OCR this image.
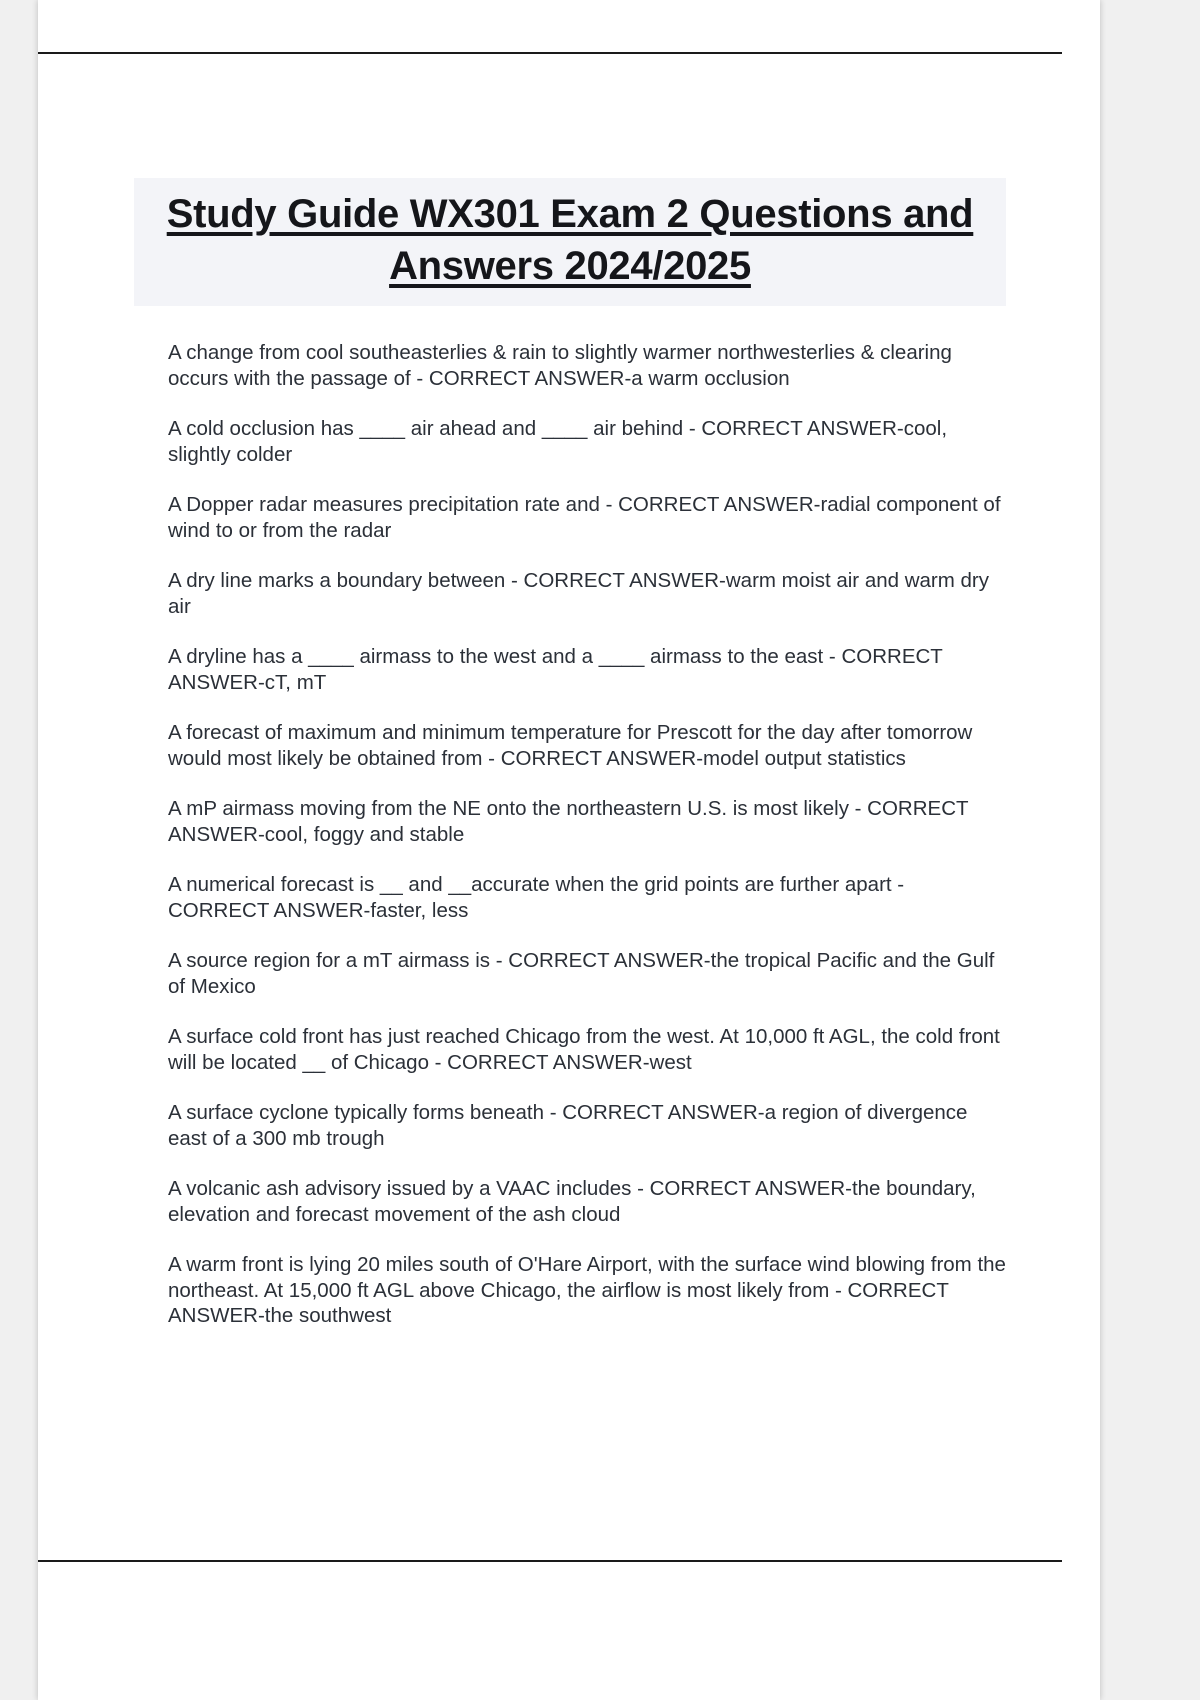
Study Guide WX301 Exam 2 Questions and Answers 2024/2025
A change from cool southeasterlies & rain to slightly warmer northwesterlies & clearing occurs with the passage of - CORRECT ANSWER-a warm occlusion
A cold occlusion has ____ air ahead and ____ air behind - CORRECT ANSWER-cool, slightly colder
A Dopper radar measures precipitation rate and - CORRECT ANSWER-radial component of wind to or from the radar
A dry line marks a boundary between - CORRECT ANSWER-warm moist air and warm dry air
A dryline has a ____ airmass to the west and a ____ airmass to the east - CORRECT ANSWER-cT, mT
A forecast of maximum and minimum temperature for Prescott for the day after tomorrow would most likely be obtained from - CORRECT ANSWER-model output statistics
A mP airmass moving from the NE onto the northeastern U.S. is most likely - CORRECT ANSWER-cool, foggy and stable
A numerical forecast is __ and __accurate when the grid points are further apart - CORRECT ANSWER-faster, less
A source region for a mT airmass is - CORRECT ANSWER-the tropical Pacific and the Gulf of Mexico
A surface cold front has just reached Chicago from the west. At 10,000 ft AGL, the cold front will be located __ of Chicago - CORRECT ANSWER-west
A surface cyclone typically forms beneath - CORRECT ANSWER-a region of divergence east of a 300 mb trough
A volcanic ash advisory issued by a VAAC includes - CORRECT ANSWER-the boundary, elevation and forecast movement of the ash cloud
A warm front is lying 20 miles south of O'Hare Airport, with the surface wind blowing from the northeast. At 15,000 ft AGL above Chicago, the airflow is most likely from - CORRECT ANSWER-the southwest
